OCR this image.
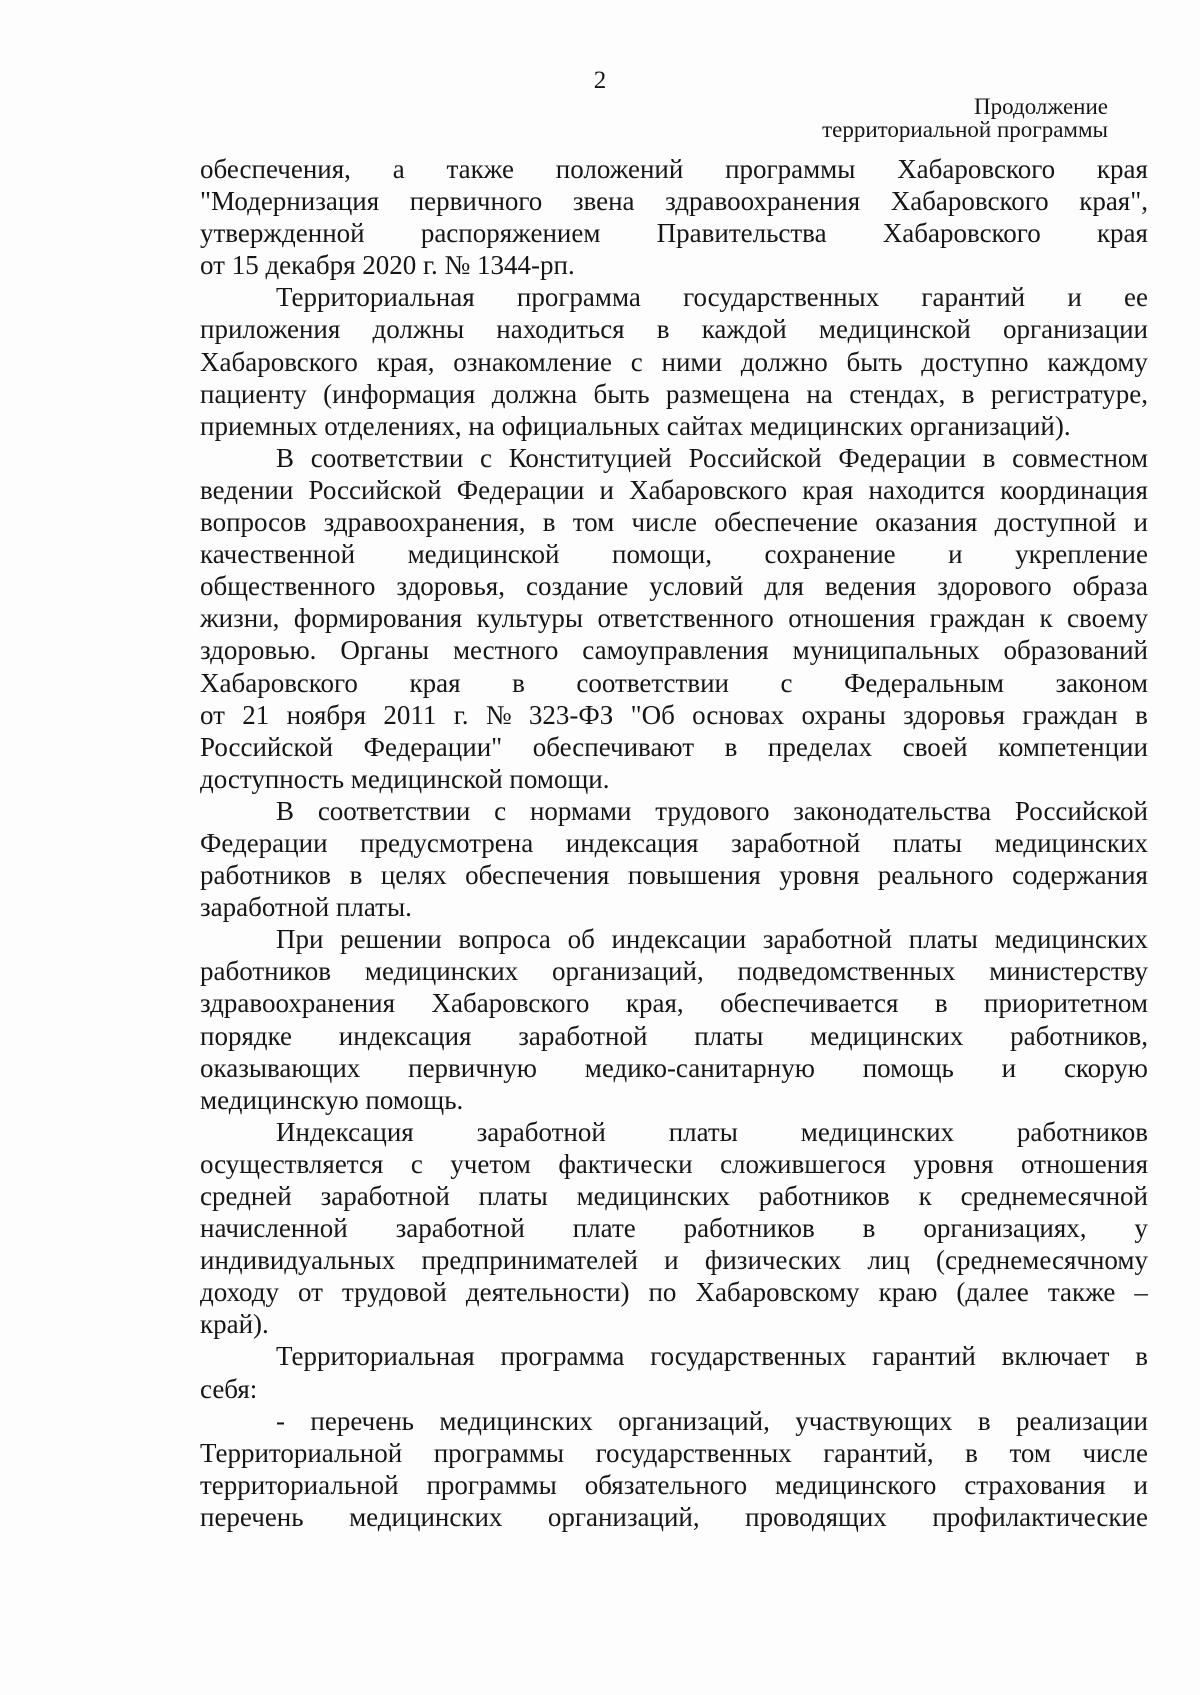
2
Продолжение
территориальной программы
обеспечения, а также положений программы Хабаровского края
"Модернизация первичного звена здравоохранения Хабаровского края",
утвержденной распоряжением Правительства Хабаровского края
от 15 декабря 2020 г. № 1344-рп.
Территориальная программа государственных гарантий и ее
приложения должны находиться в каждой медицинской организации
Хабаровского края, ознакомление с ними должно быть доступно каждому
пациенту (информация должна быть размещена на стендах, в регистратуре,
приемных отделениях, на официальных сайтах медицинских организаций).
В соответствии с Конституцией Российской Федерации в совместном
ведении Российской Федерации и Хабаровского края находится координация
вопросов здравоохранения, в том числе обеспечение оказания доступной и
качественной медицинской помощи, сохранение и укрепление
общественного здоровья, создание условий для ведения здорового образа
жизни, формирования культуры ответственного отношения граждан к своему
здоровью. Органы местного самоуправления муниципальных образований
Хабаровского края в соответствии с Федеральным законом
от 21 ноября 2011 г. № 323-ФЗ "Об основах охраны здоровья граждан в
Российской Федерации" обеспечивают в пределах своей компетенции
доступность медицинской помощи.
В соответствии с нормами трудового законодательства Российской
Федерации предусмотрена индексация заработной платы медицинских
работников в целях обеспечения повышения уровня реального содержания
заработной платы.
При решении вопроса об индексации заработной платы медицинских
работников медицинских организаций, подведомственных министерству
здравоохранения Хабаровского края, обеспечивается в приоритетном
порядке индексация заработной платы медицинских работников,
оказывающих первичную медико-санитарную помощь и скорую
медицинскую помощь.
Индексация заработной платы медицинских работников
осуществляется с учетом фактически сложившегося уровня отношения
средней заработной платы медицинских работников к среднемесячной
начисленной заработной плате работников в организациях, у
индивидуальных предпринимателей и физических лиц (среднемесячному
доходу от трудовой деятельности) по Хабаровскому краю (далее также –
край).
Территориальная программа государственных гарантий включает в
себя:
- перечень медицинских организаций, участвующих в реализации
Территориальной программы государственных гарантий, в том числе
территориальной программы обязательного медицинского страхования и
перечень медицинских организаций, проводящих профилактические
